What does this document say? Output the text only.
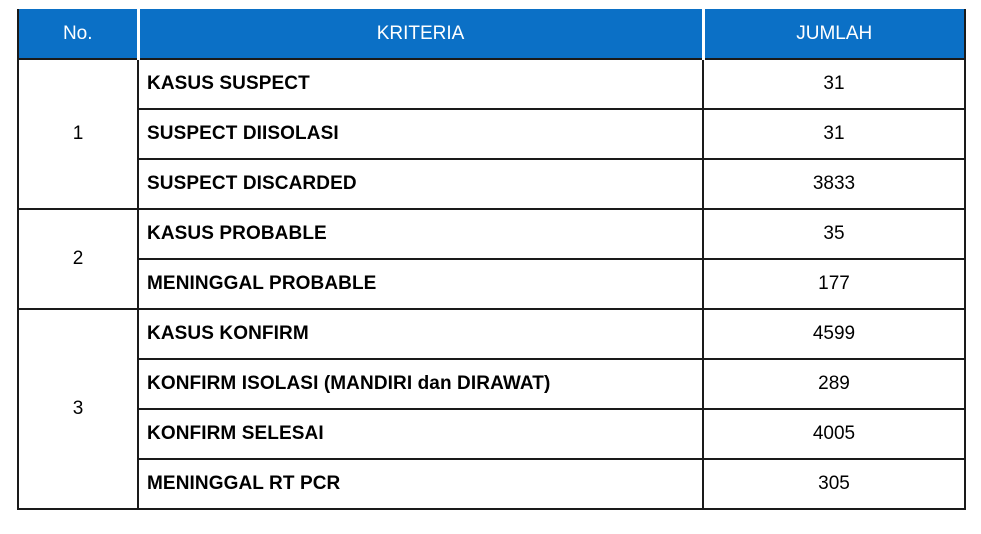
No.	KRITERIA	JUMLAH
1	KASUS SUSPECT	31
	SUSPECT DIISOLASI	31
	SUSPECT DISCARDED	3833
2	KASUS PROBABLE	35
	MENINGGAL PROBABLE	177
3	KASUS KONFIRM	4599
	KONFIRM ISOLASI (MANDIRI dan DIRAWAT)	289
	KONFIRM SELESAI	4005
	MENINGGAL RT PCR	305
